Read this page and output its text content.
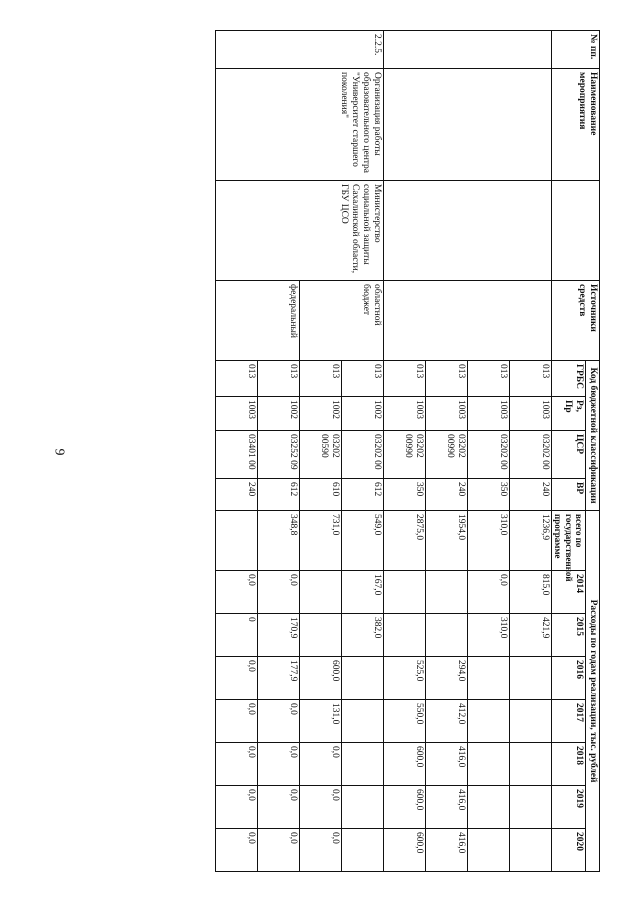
9
№ пп.	Наименование мероприятия		Источники средств	Код бюджетной классификации				Расходы по годам реализации, тыс. рублей							
				ГРБС	Рз, Пр	ЦСР	ВР	всего по государственной программе	2014	2015	2016	2017	2018	2019	2020
				013	1003	03202 00	240	1236,9	815,0	421,9					
				013	1003	03202 00	350	310,0	0,0	310,0					
				013	1003	03202 00990	240	1954,0			294,0	412,0	416,0	416,0	416,0
				013	1003	03202 00990	350	2875,0			525,0	550,0	600,0	600,0	600,0
2.2.5.	Организация работы образовательного центра "Университет старшего поколения"	Министерство социальной защиты Сахалинской области, ГБУ ЦСО	областной бюджет	013	1002	03202 00	612	549,0	167,0	382,0					
				013	1002	03202 00590	610	731,0			600,0	131,0	0,0	0,0	0,0
			федеральный	013	1002	03252 09	612	348,8	0,0	170,9	177,9	0,0	0,0	0,0	0,0
				013	1003	03401 00	240		0,0	0	0,0	0,0	0,0	0,0	0,0
